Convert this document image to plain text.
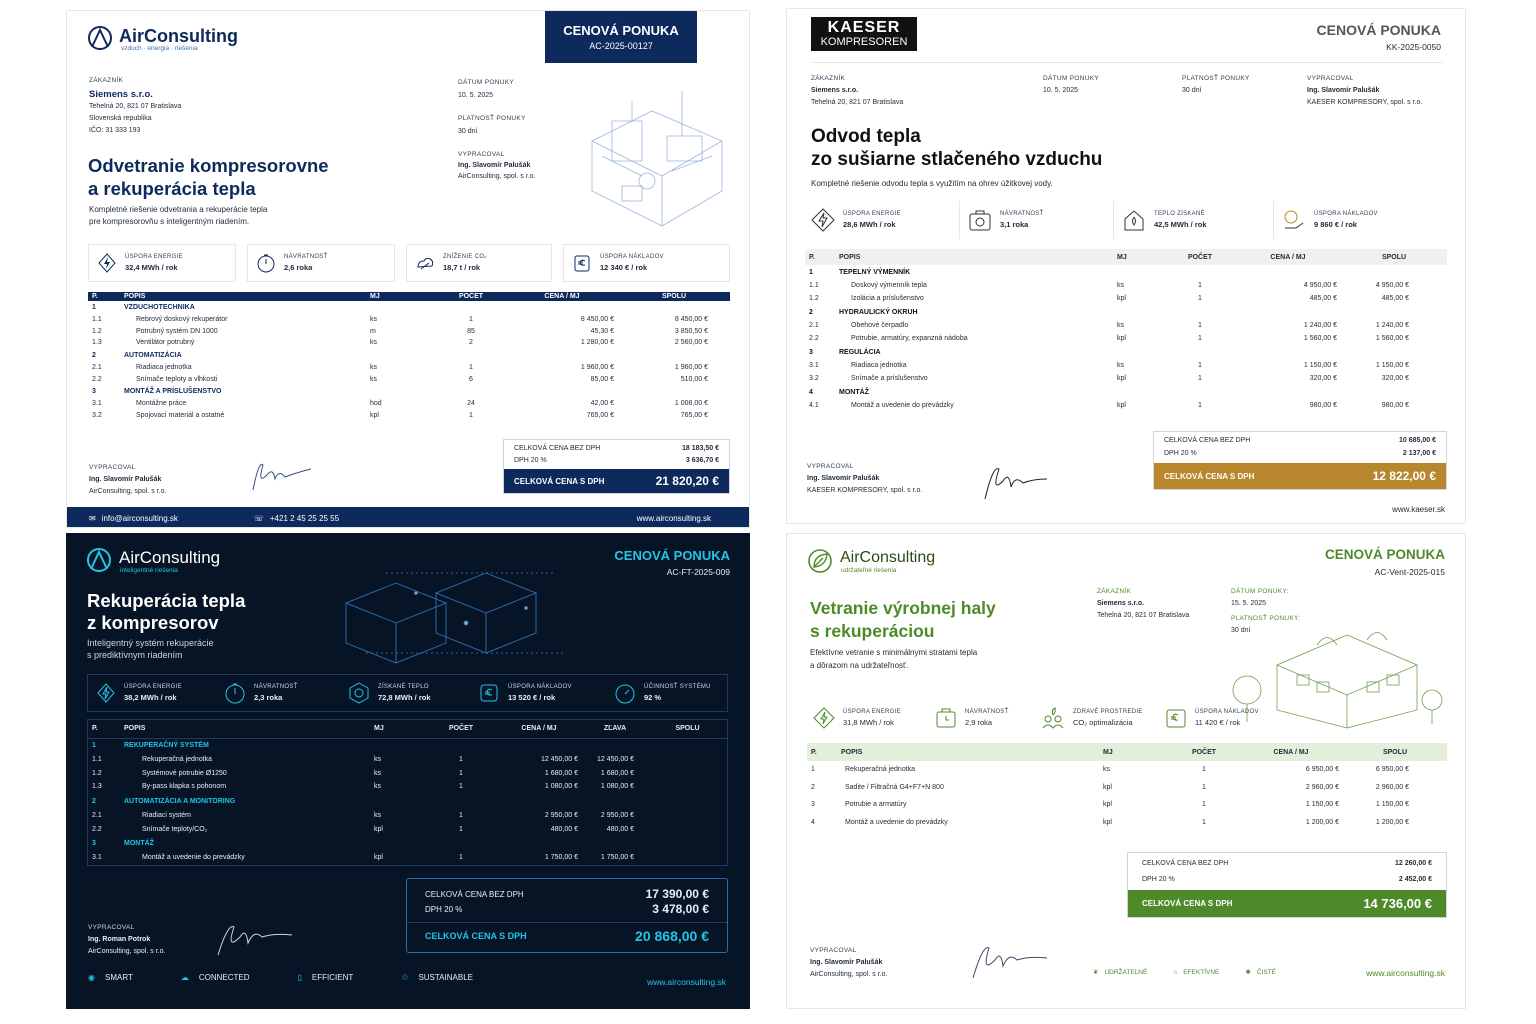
AirConsulting
vzduch · energia · riešenia
CENOVÁ PONUKA
AC-2025-00127
ZÁKAZNÍK
Siemens s.r.o.
Tehelná 20, 821 07 Bratislava
Slovenská republika
IČO: 31 333 193
DÁTUM PONUKY
10. 5. 2025
PLATNOSŤ PONUKY
30 dní
VYPRACOVAL
Ing. Slavomír Palušák
AirConsulting, spol. s r.o.
Odvetranie kompresorovne
a rekuperácia tepla
Kompletné riešenie odvetrania a rekuperácie tepla
pre kompresorovňu s inteligentným riadením.
ÚSPORA ENERGIE
32,4 MWh / rok
NÁVRATNOSŤ
2,6 roka
ZNÍŽENIE CO₂
18,7 t / rok
ÚSPORA NÁKLADOV
12 340 € / rok
P.	POPIS	MJ	POČET	CENA / MJ	SPOLU
1	VZDUCHOTECHNIKA				
1.1	Rebrový doskový rekuperátor	ks	1	8 450,00 €	8 450,00 €
1.2	Potrubný systém DN 1000	m	85	45,30 €	3 850,50 €
1.3	Ventilátor potrubný	ks	2	1 280,00 €	2 560,00 €
2	AUTOMATIZÁCIA				
2.1	Riadiaca jednotka	ks	1	1 960,00 €	1 960,00 €
2.2	Snímače teploty a vlhkosti	ks	6	85,00 €	510,00 €
3	MONTÁŽ A PRÍSLUŠENSTVO				
3.1	Montážne práce	hod	24	42,00 €	1 008,00 €
3.2	Spojovací materiál a ostatné	kpl	1	765,00 €	765,00 €
CELKOVÁ CENA BEZ DPH	18 183,50 €
DPH 20 %	3 636,70 €
CELKOVÁ CENA S DPH	21 820,20 €
VYPRACOVAL
Ing. Slavomír Palušák
AirConsulting, spol. s r.o.
✉ info@airconsulting.sk	☏ +421 2 45 25 25 55	www.airconsulting.sk
KAESER
KOMPRESOREN
CENOVÁ PONUKA
KK-2025-0050
ZÁKAZNÍK
Siemens s.r.o.
Tehelná 20, 821 07 Bratislava
DÁTUM PONUKY
10. 5. 2025
PLATNOSŤ PONUKY
30 dní
VYPRACOVAL
Ing. Slavomír Palušák
KAESER KOMPRESORY, spol. s r.o.
Odvod tepla
zo sušiarne stlačeného vzduchu
Kompletné riešenie odvodu tepla s využitím na ohrev úžitkovej vody.
ÚSPORA ENERGIE
28,6 MWh / rok
NÁVRATNOSŤ
3,1 roka
TEPLO ZÍSKANÉ
42,5 MWh / rok
ÚSPORA NÁKLADOV
9 860 € / rok
P.	POPIS	MJ	POČET	CENA / MJ	SPOLU
1	TEPELNÝ VÝMENNÍK				
1.1	Doskový výmenník tepla	ks	1	4 950,00 €	4 950,00 €
1.2	Izolácia a príslušenstvo	kpl	1	485,00 €	485,00 €
2	HYDRAULICKÝ OKRUH				
2.1	Obehové čerpadlo	ks	1	1 240,00 €	1 240,00 €
2.2	Potrubie, armatúry, expanzná nádoba	kpl	1	1 560,00 €	1 560,00 €
3	REGULÁCIA				
3.1	Riadiaca jednotka	ks	1	1 150,00 €	1 150,00 €
3.2	Snímače a príslušenstvo	kpl	1	320,00 €	320,00 €
4	MONTÁŽ				
4.1	Montáž a uvedenie do prevádzky	kpl	1	980,00 €	980,00 €
CELKOVÁ CENA BEZ DPH	10 685,00 €
DPH 20 %	2 137,00 €
CELKOVÁ CENA S DPH	12 822,00 €
VYPRACOVAL
Ing. Slavomír Palušák
KAESER KOMPRESORY, spol. s r.o.
www.kaeser.sk
AirConsulting
inteligentné riešenia
CENOVÁ PONUKA
AC-FT-2025-009
Rekuperácia tepla
z kompresorov
Inteligentný systém rekuperácie
s prediktívnym riadením
ÚSPORA ENERGIE
38,2 MWh / rok
NÁVRATNOSŤ
2,3 roka
ZÍSKANÉ TEPLO
72,8 MWh / rok
ÚSPORA NÁKLADOV
13 520 € / rok
ÚČINNOSŤ SYSTÉMU
92 %
P.	POPIS	MJ	POČET	CENA / MJ	ZĽAVA	SPOLU
1	REKUPERAČNÝ SYSTÉM					
1.1	Rekuperačná jednotka	ks	1	12 450,00 €	12 450,00 €	
1.2	Systémové potrubie Ø1250	ks	1	1 680,00 €	1 680,00 €	
1.3	By-pass klapka s pohonom	ks	1	1 080,00 €	1 080,00 €	
2	AUTOMATIZÁCIA A MONITORING					
2.1	Riadiaci systém	ks	1	2 950,00 €	2 950,00 €	
2.2	Snímače teploty/CO₂	kpl	1	480,00 €	480,00 €	
3	MONTÁŽ					
3.1	Montáž a uvedenie do prevádzky	kpl	1	1 750,00 €	1 750,00 €	
CELKOVÁ CENA BEZ DPH	17 390,00 €
DPH 20 %	3 478,00 €
CELKOVÁ CENA S DPH	20 868,00 €
VYPRACOVAL
Ing. Roman Potrok
AirConsulting, spol. s r.o.
◉ SMART	☁ CONNECTED	▯ EFFICIENT	♲ SUSTAINABLE	www.airconsulting.sk
AirConsulting
udržateľné riešenia
CENOVÁ PONUKA
AC-Vent-2025-015
ZÁKAZNÍK
Siemens s.r.o.
Tehelná 20, 821 07 Bratislava
DÁTUM PONUKY:
15. 5. 2025
PLATNOSŤ PONUKY:
30 dní
Vetranie výrobnej haly
s rekuperáciou
Efektívne vetranie s minimálnymi stratami tepla
a dôrazom na udržateľnosť.
ÚSPORA ENERGIE
31,8 MWh / rok
NÁVRATNOSŤ
2,9 roka
ZDRAVÉ PROSTREDIE
CO₂ optimalizácia
ÚSPORA NÁKLADOV
11 420 € / rok
P.	POPIS	MJ	POČET	CENA / MJ	SPOLU
1	Rekuperačná jednotka	ks	1	6 950,00 €	6 950,00 €
2	Sadite / Filtračná G4+F7+N 800	kpl	1	2 960,00 €	2 960,00 €
3	Potrubie a armatúry	kpl	1	1 150,00 €	1 150,00 €
4	Montáž a uvedenie do prevádzky	kpl	1	1 200,00 €	1 200,00 €
CELKOVÁ CENA BEZ DPH	12 260,00 €
DPH 20 %	2 452,00 €
CELKOVÁ CENA S DPH	14 736,00 €
VYPRACOVAL
Ing. Slavomír Palušák
AirConsulting, spol. s r.o.	❦ UDRŽATEĽNÉ	⌂ EFEKTÍVNE	✺ ČISTÉ	www.airconsulting.sk
